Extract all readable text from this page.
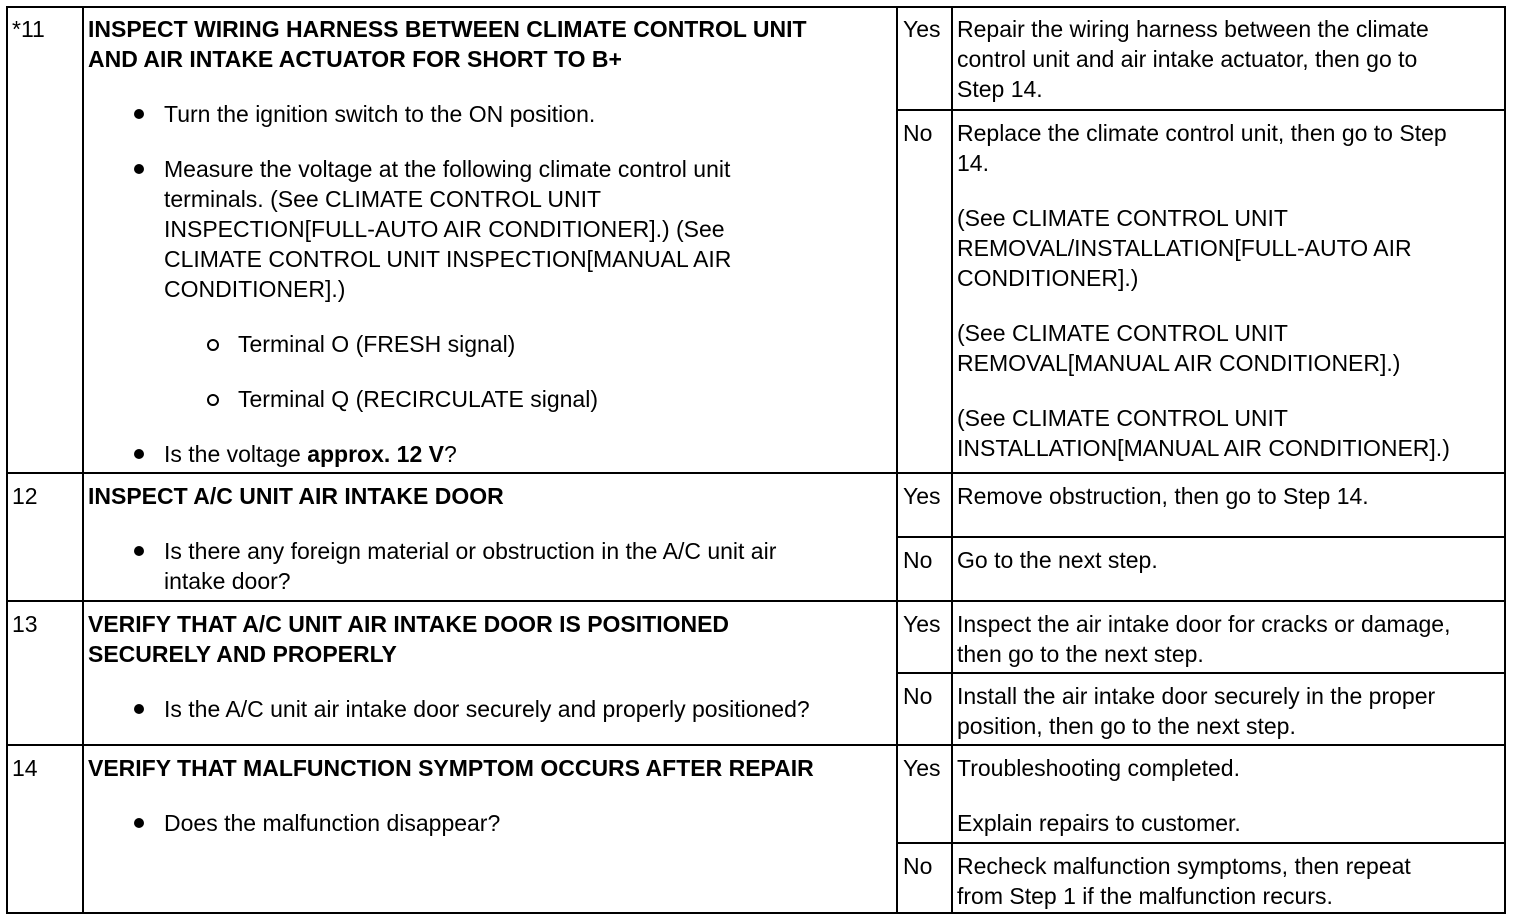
*11 INSPECT WIRING HARNESS BETWEEN CLIMATE CONTROL UNIT
AND AIR INTAKE ACTUATOR FOR SHORT TO B+
Turn the ignition switch to the ON position.
Measure the voltage at the following climate control unit
terminals. (See CLIMATE CONTROL UNIT
INSPECTION[FULL-AUTO AIR CONDITIONER].) (See
CLIMATE CONTROL UNIT INSPECTION[MANUAL AIR
CONDITIONER].)
Terminal O (FRESH signal)
Terminal Q (RECIRCULATE signal)
Is the voltage approx. 12 V?
Yes Repair the wiring harness between the climate
control unit and air intake actuator, then go to
Step 14.
No Replace the climate control unit, then go to Step
14.
(See CLIMATE CONTROL UNIT
REMOVAL/INSTALLATION[FULL-AUTO AIR
CONDITIONER].)
(See CLIMATE CONTROL UNIT
REMOVAL[MANUAL AIR CONDITIONER].)
(See CLIMATE CONTROL UNIT
INSTALLATION[MANUAL AIR CONDITIONER].)
12 INSPECT A/C UNIT AIR INTAKE DOOR
Is there any foreign material or obstruction in the A/C unit air
intake door?
Yes Remove obstruction, then go to Step 14.
No Go to the next step.
13 VERIFY THAT A/C UNIT AIR INTAKE DOOR IS POSITIONED
SECURELY AND PROPERLY
Is the A/C unit air intake door securely and properly positioned?
Yes Inspect the air intake door for cracks or damage,
then go to the next step.
No Install the air intake door securely in the proper
position, then go to the next step.
14 VERIFY THAT MALFUNCTION SYMPTOM OCCURS AFTER REPAIR
Does the malfunction disappear?
Yes Troubleshooting completed.
Explain repairs to customer.
No Recheck malfunction symptoms, then repeat
from Step 1 if the malfunction recurs.
